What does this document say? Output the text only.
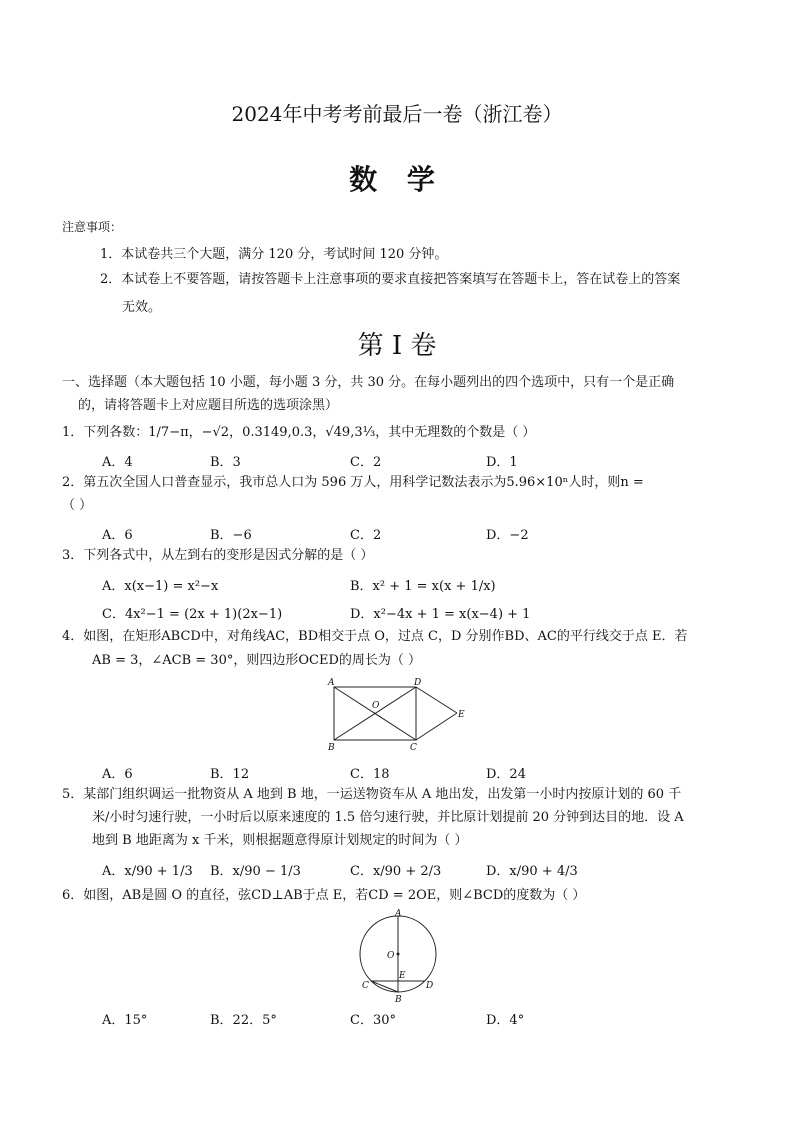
2024年中考考前最后一卷（浙江卷）
数 学
注意事项：
1．本试卷共三个大题，满分 120 分，考试时间 120 分钟。
2．本试卷上不要答题，请按答题卡上注意事项的要求直接把答案填写在答题卡上，答在试卷上的答案
无效。
第 I 卷
一、选择题（本大题包括 10 小题，每小题 3 分，共 30 分。在每小题列出的四个选项中，只有一个是正确
的，请将答题卡上对应题目所选的选项涂黑）
1．下列各数：1/7−π，−√2，0.3149,0.3，√49,3⅓，其中无理数的个数是（ ）
A．4	B．3	C．2	D．1
2．第五次全国人口普查显示，我市总人口为 596 万人，用科学记数法表示为5.96×10ⁿ人时，则n =
（ ）
A．6	B．−6	C．2	D．−2
3．下列各式中，从左到右的变形是因式分解的是（ ）
A．x(x−1) = x²−x	B．x² + 1 = x(x + 1/x)
C．4x²−1 = (2x + 1)(2x−1)	D．x²−4x + 1 = x(x−4) + 1
4．如图，在矩形ABCD中，对角线AC，BD相交于点 O，过点 C，D 分别作BD、AC的平行线交于点 E．若
AB = 3，∠ACB = 30°，则四边形OCED的周长为（ ）
A	D
O
E
B	C
A．6	B．12	C．18	D．24
5．某部门组织调运一批物资从 A 地到 B 地，一运送物资车从 A 地出发，出发第一小时内按原计划的 60 千
米/小时匀速行驶，一小时后以原来速度的 1.5 倍匀速行驶，并比原计划提前 20 分钟到达目的地．设 A
地到 B 地距离为 x 千米，则根据题意得原计划规定的时间为（ ）
A．x/90 + 1/3 B．x/90 − 1/3	C．x/90 + 2/3	D．x/90 + 4/3
6．如图，AB是圆 O 的直径，弦CD⊥AB于点 E，若CD = 2OE，则∠BCD的度数为（ ）
A
O
E
C	D
B
A．15°	B．22．5°	C．30°	D．4°
